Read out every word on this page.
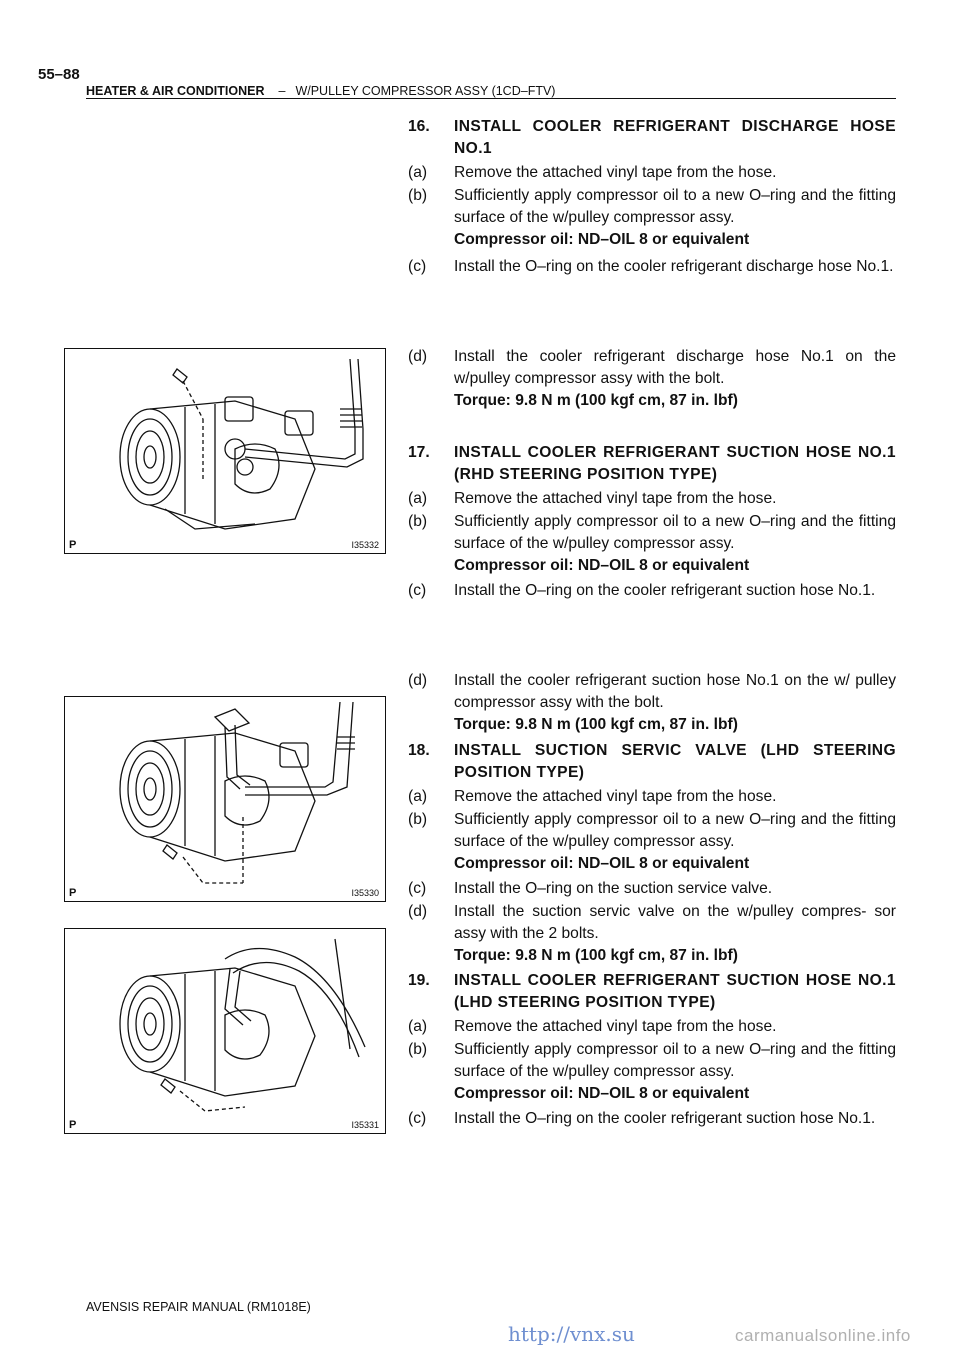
55–88
HEATER & AIR CONDITIONER – W/PULLEY COMPRESSOR ASSY (1CD–FTV)
P	I35332
P	I35330
P	I35331
16. INSTALL COOLER REFRIGERANT DISCHARGE HOSE NO.1
(a) Remove the attached vinyl tape from the hose.
(b) Sufficiently apply compressor oil to a new O–ring and the fitting surface of the w/pulley compressor assy.
Compressor oil: ND–OIL 8 or equivalent
(c) Install the O–ring on the cooler refrigerant discharge hose No.1.
(d) Install the cooler refrigerant discharge hose No.1 on the w/pulley compressor assy with the bolt.
Torque: 9.8 N m (100 kgf cm, 87 in. lbf)
17. INSTALL COOLER REFRIGERANT SUCTION HOSE NO.1 (RHD STEERING POSITION TYPE)
(a) Remove the attached vinyl tape from the hose.
(b) Sufficiently apply compressor oil to a new O–ring and the fitting surface of the w/pulley compressor assy.
Compressor oil: ND–OIL 8 or equivalent
(c) Install the O–ring on the cooler refrigerant suction hose No.1.
(d) Install the cooler refrigerant suction hose No.1 on the w/ pulley compressor assy with the bolt.
Torque: 9.8 N m (100 kgf cm, 87 in. lbf)
18. INSTALL SUCTION SERVIC VALVE (LHD STEERING POSITION TYPE)
(a) Remove the attached vinyl tape from the hose.
(b) Sufficiently apply compressor oil to a new O–ring and the fitting surface of the w/pulley compressor assy.
Compressor oil: ND–OIL 8 or equivalent
(c) Install the O–ring on the suction service valve.
(d) Install the suction servic valve on the w/pulley compres- sor assy with the 2 bolts.
Torque: 9.8 N m (100 kgf cm, 87 in. lbf)
19. INSTALL COOLER REFRIGERANT SUCTION HOSE NO.1 (LHD STEERING POSITION TYPE)
(a) Remove the attached vinyl tape from the hose.
(b) Sufficiently apply compressor oil to a new O–ring and the fitting surface of the w/pulley compressor assy.
Compressor oil: ND–OIL 8 or equivalent
(c) Install the O–ring on the cooler refrigerant suction hose No.1.
AVENSIS REPAIR MANUAL (RM1018E)
http://vnx.su	carmanualsonline.info
